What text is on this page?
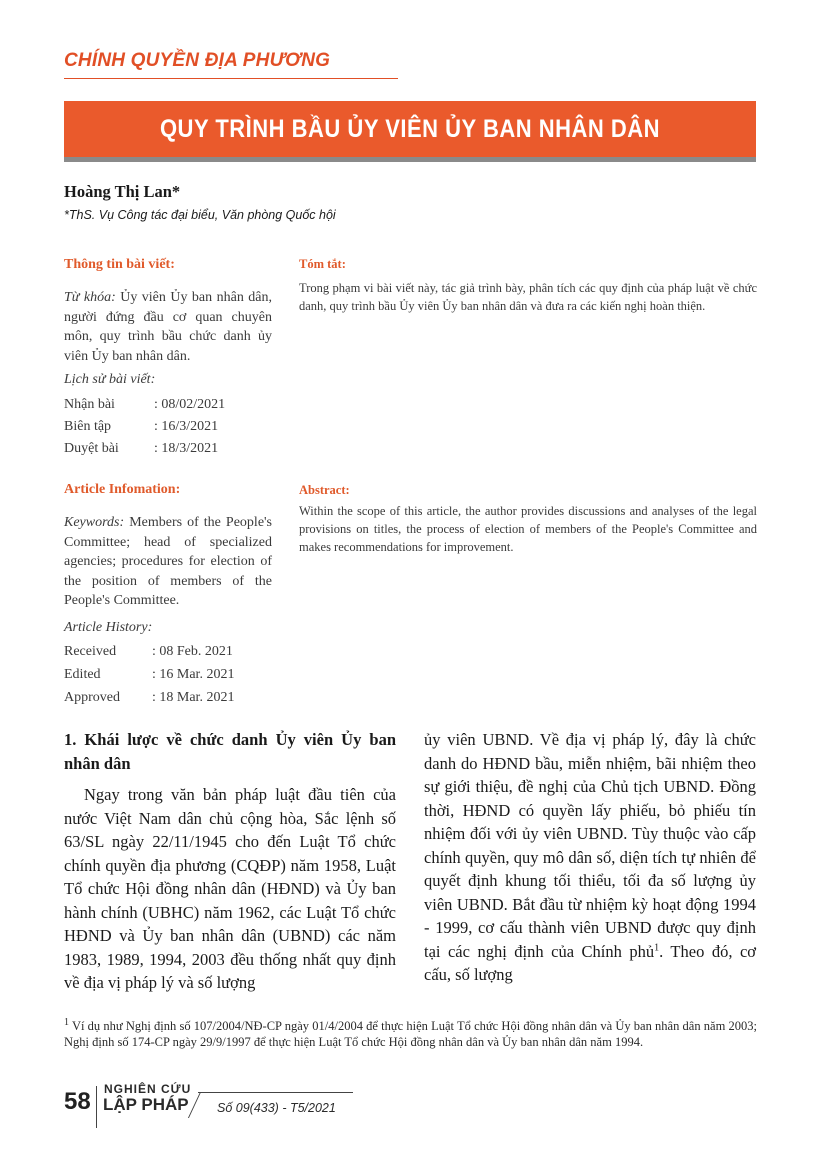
CHÍNH QUYỀN ĐỊA PHƯƠNG
QUY TRÌNH BẦU ỦY VIÊN ỦY BAN NHÂN DÂN
Hoàng Thị Lan*
*ThS. Vụ Công tác đại biểu, Văn phòng Quốc hội
Thông tin bài viết:	Tóm tắt:
Từ khóa: Ủy viên Ủy ban nhân dân, người đứng đầu cơ quan chuyên môn, quy trình bầu chức danh ủy viên Ủy ban nhân dân.
Lịch sử bài viết:
Nhận bài	: 08/02/2021
Biên tập	: 16/3/2021
Duyệt bài	: 18/3/2021
Trong phạm vi bài viết này, tác giả trình bày, phân tích các quy định của pháp luật về chức danh, quy trình bầu Ủy viên Ủy ban nhân dân và đưa ra các kiến nghị hoàn thiện.
Article Infomation:	Abstract:
Keywords: Members of the People's Committee; head of specialized agencies; procedures for election of the position of members of the People's Committee.
Article History:
Received	: 08 Feb. 2021
Edited	: 16 Mar. 2021
Approved	: 18 Mar. 2021
Within the scope of this article, the author provides discussions and analyses of the legal provisions on titles, the process of election of members of the People's Committee and makes recommendations for improvement.
1. Khái lược về chức danh Ủy viên Ủy ban nhân dân

Ngay trong văn bản pháp luật đầu tiên của nước Việt Nam dân chủ cộng hòa, Sắc lệnh số 63/SL ngày 22/11/1945 cho đến Luật Tổ chức chính quyền địa phương (CQĐP) năm 1958, Luật Tổ chức Hội đồng nhân dân (HĐND) và Ủy ban hành chính (UBHC) năm 1962, các Luật Tổ chức HĐND và Ủy ban nhân dân (UBND) các năm 1983, 1989, 1994, 2003 đều thống nhất quy định về địa vị pháp lý và số lượng

ủy viên UBND. Về địa vị pháp lý, đây là chức danh do HĐND bầu, miễn nhiệm, bãi nhiệm theo sự giới thiệu, đề nghị của Chủ tịch UBND. Đồng thời, HĐND có quyền lấy phiếu, bỏ phiếu tín nhiệm đối với ủy viên UBND. Tùy thuộc vào cấp chính quyền, quy mô dân số, diện tích tự nhiên để quyết định khung tối thiểu, tối đa số lượng ủy viên UBND. Bắt đầu từ nhiệm kỳ hoạt động 1994 - 1999, cơ cấu thành viên UBND được quy định tại các nghị định của Chính phủ$^1$. Theo đó, cơ cấu, số lượng

$^1$ Ví dụ như Nghị định số 107/2004/NĐ-CP ngày 01/4/2004 để thực hiện Luật Tổ chức Hội đồng nhân dân và Ủy ban nhân dân năm 2003; Nghị định số 174-CP ngày 29/9/1997 để thực hiện Luật Tổ chức Hội đồng nhân dân và Ủy ban nhân dân năm 1994.
58 NGHIÊN CỨU
LẬP PHÁP Số 09(433) - T5/2021
